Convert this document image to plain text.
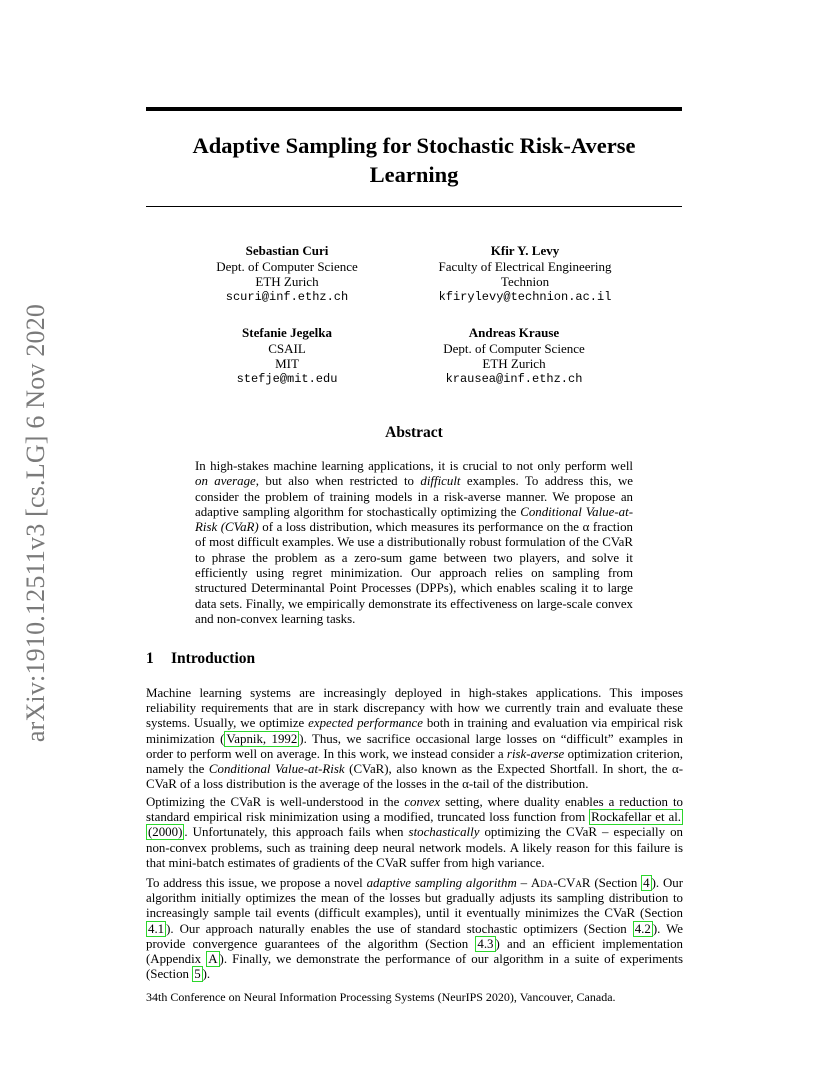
arXiv:1910.12511v3 [cs.LG] 6 Nov 2020
Adaptive Sampling for Stochastic Risk-Averse
Learning
Sebastian Curi
Dept. of Computer Science
ETH Zurich
scuri@inf.ethz.ch
Kfir Y. Levy
Faculty of Electrical Engineering
Technion
kfirylevy@technion.ac.il
Stefanie Jegelka
CSAIL
MIT
stefje@mit.edu
Andreas Krause
Dept. of Computer Science
ETH Zurich
krausea@inf.ethz.ch
Abstract
In high-stakes machine learning applications, it is crucial to not only perform well on average, but also when restricted to difficult examples. To address this, we consider the problem of training models in a risk-averse manner. We propose an adaptive sampling algorithm for stochastically optimizing the Conditional Value-at-Risk (CVaR) of a loss distribution, which measures its performance on the α fraction of most difficult examples. We use a distributionally robust formulation of the CVaR to phrase the problem as a zero-sum game between two players, and solve it efficiently using regret minimization. Our approach relies on sampling from structured Determinantal Point Processes (DPPs), which enables scaling it to large data sets. Finally, we empirically demonstrate its effectiveness on large-scale convex and non-convex learning tasks.
1 Introduction
Machine learning systems are increasingly deployed in high-stakes applications. This imposes reliability requirements that are in stark discrepancy with how we currently train and evaluate these systems. Usually, we optimize expected performance both in training and evaluation via empirical risk minimization ( Vapnik, 1992 ). Thus, we sacrifice occasional large losses on “difficult” examples in order to perform well on average. In this work, we instead consider a risk-averse optimization criterion, namely the Conditional Value-at-Risk (CVaR), also known as the Expected Shortfall. In short, the α-CVaR of a loss distribution is the average of the losses in the α-tail of the distribution.
Optimizing the CVaR is well-understood in the convex setting, where duality enables a reduction to standard empirical risk minimization using a modified, truncated loss function from Rockafellar et al. (2000) . Unfortunately, this approach fails when stochastically optimizing the CVaR – especially on non-convex problems, such as training deep neural network models. A likely reason for this failure is that mini-batch estimates of gradients of the CVaR suffer from high variance.
To address this issue, we propose a novel adaptive sampling algorithm – Ada-CVaR (Section 4 ). Our algorithm initially optimizes the mean of the losses but gradually adjusts its sampling distribution to increasingly sample tail events (difficult examples), until it eventually minimizes the CVaR (Section 4.1 ). Our approach naturally enables the use of standard stochastic optimizers (Section 4.2 ). We provide convergence guarantees of the algorithm (Section 4.3 ) and an efficient implementation (Appendix A ). Finally, we demonstrate the performance of our algorithm in a suite of experiments (Section 5 ).
34th Conference on Neural Information Processing Systems (NeurIPS 2020), Vancouver, Canada.
